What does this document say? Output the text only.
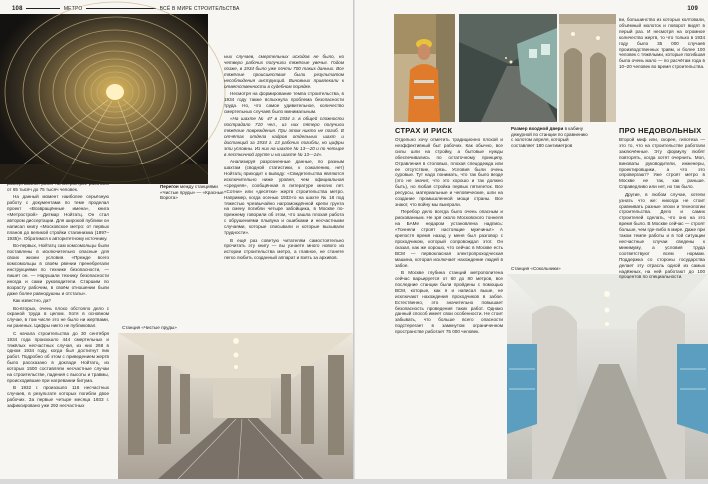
108	МЕТРО	ВСЁ В МИРЕ СТРОИТЕЛЬСТВА
Перегон между станциями «Чистые пруды» — «Красные Ворота»

развёртывания работ на метрострое работало от 65 тысяч до 75 тысяч человек.

На данный момент наиболее серьёзную работу с документами по теме проделал проект «Возвращённые имена», книга «Метрострой» Дитмар Нойтатц. Он стал автором диссертации. Для широкой публики он написал книгу «Московское метро: от первых планов до великой стройки сталинизма (1897–1935)». Обратимся к авторитетному источнику.

Во-первых, Нойтатц сам комсомольцы были поставлены в исключительно опасные для своих жизни условия. «Прежде всего комсомольцы в своём рвении пренебрегали инструкциями по технике безопасности, — пишет он. — Нарушали технику безопасности иногда и сами руководители. Старшим по возрасту рабочим, в своём отношении были даже более равнодушны и отсталы».

Как известно, да?

Во-вторых, очень плохо обстояло дело с охраной труда в целом. Хотя в основном случае, в том числе это не было ни жертвами, ни раненых. Цифры никто не публиковал.

С начала строительства до 30 сентября 1934 года произошло 444 смертельных и тяжёлых несчастных случая, из них 268 в одном 1934 году, когда был достигнут пик работ. Подробно об этом с приведением жертв было рассказано в докладе Нойтатц, из которых 1500 составляли несчастные случаи на строительстве, падения с высоты и травмы, происходившие при нагревании битума.

В 1932 г. произошло 116 несчастных случаев, в результате которых погибли двое рабочих. За первые четыре месяца 1933 г. зафиксировано уже 292 несчастных

ных случаев, смертельных исходов не было, но четверо рабочих получили тяжёлые увечья. Годом позже, в 1934 было уже почти 700 таких данных. Все тяжёлые происшествия были результатом несоблюдения инструкций. Виновных привлекали к ответственности в судебном порядке.

Несмотря на формирование темпа строительства, в 1934 году также вспыхнула проблема безопасности труда. Но, что самое удивительное, количество смертельных случаев было минимальным.

«На шахте № 47 в 1934 г. в общей сложности пострадало 710 чел., из них пятеро получили тяжёлые повреждения. При этом никто не погиб. В отчётах отдела кадров отдельных шахт и дистанций за 1934 г. 13 рабочих погибли, но цифры эти условны. Из них на шахте № 13—20 и по четыре в лестничной группе и на шахте № 13—14».

Анализируя разрозненные данные, по разным шахтам (сводной статистики, к сожалению, нет) Нойтатц приходит к выводу: «Свидетельства являются исключительно ниже уровня, чем официальная «средняя», сообщённая в литературе многих лет. «Сотни» или «десятки» жертв строительства метро. Например, когда осенью 1933-го на шахте № 18 под тяжестью чрезвычайно нагромождённой крепи грунта на смену погибли четыре забойщика, в Москве по-прежнему говорили об этом, что зашла плохая работа с обрушениями плывуна и ошибками и несчастными случаями, которые списывали и которые вызывали трудности».

В ещё раз советую читателям самостоятельно прочитать эту книгу — вы узнаете много нового из истории строительства метро, а главное, не станете легко любить созданный аппарат и взять за архивов.

Станция «Чистые пруды»
109
СТРАХ И РИСК	Размер входной двери в кабину дежурной по станции по сравнению с золотом апреля, который составляет 180 сантиметров

Отдельно хочу отметить традиционно плохой и неэффективный быт рабочих. Как обычно, все силы шли на стройку, а бытовые нужды обеспечивались по остаточному принципу. Отравления в столовых, плохая спецодежда или ее отсутствие, грязь. Условия были очень суровые. Тут надо понимать, что так было везде (это не значит, что это хорошо и так должно быть), но любая стройка первых пятилеток. Все ресурсы, материальные и человеческие, шли на создание промышленной мощи страны. Все знают, что войну мы выиграли.

Перебор дело всегда было очень опасным и рискованным. Не зря около Московского тоннеля на БАМе недаром установлена надпись: «Тоннели строят настоящие мужчины!» А крепостя время назад у меня был разговор с проходчиком, который сопровождал этот. Он сказал, как же хорошо, что сейчас в Москве есть ВСМ — первокласная электропроходческая машина, которая исключает нахождение людей в забое.

В Москве глубина станций метрополитена сейчас варьируется от 60 до 80 метров, все последние станции были пройдены с помощью ВСМ, которые, как я и написал выше, не исключают нахождения проходчиков в забое. Естественно, это значительно повышает безопасность проведения таких работ. Однако данный способ имеет свои особенности. Не стоит забывать, что больше всего опасности подстерегает в замкнутом ограниченном пространстве работает 75 000 человек.

Станция «Сокольники»

ви, большинство из которых колтовали, объёмный молоток и поворот видят в перый раз. И несмотря на огромное количество жертв, то что только в 1934 году было 35 000 случаев производственных травм, и более 100 человек с тяжёлыми, которые погибшая была очень мало — по расчётам года в 10–20 человек во время строительства.

ПРО НЕДОВОЛЬНЫХ

Второй миф или, скорее, гипотеза — это то, что на строительстве работали заключённые. Эту формулу любят повторять, когда хотят очернить. Мол, виноваты руководители, инженеры, проектировщики, а что это опровергают? Уже строят метро в Москве не так, как раньше. Справедливо или нет, но так было.

Другие, в любом случае, хотели узнать что же: никогда не стоит сравнивать разные эпохи и технологии строительства. Дело и самих строителей сделать, что оно на это время было. В Москве сейчас — строят больше, чем где-либо в мире. Даже при таком темпе работы и в той ситуации несчастные случаи сведены к минимуму, а условия труда соответствуют всем нормам. Поддержка со стороны государства делает эту отрасль одной из самых надёжных, на ней работают до 100 процентов по специальности.
